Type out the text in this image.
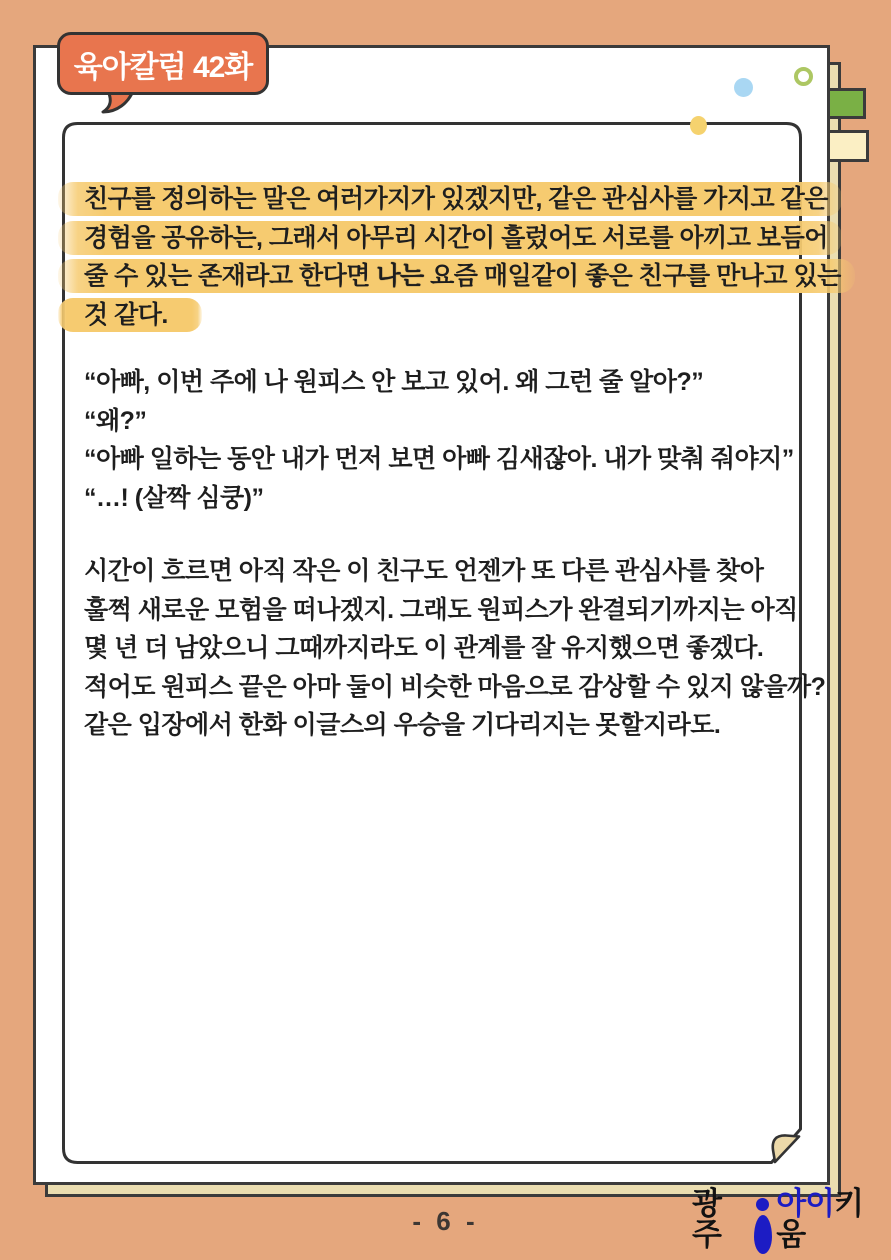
육아칼럼 42화
친구를 정의하는 말은 여러가지가 있겠지만, 같은 관심사를 가지고 같은
경험을 공유하는, 그래서 아무리 시간이 흘렀어도 서로를 아끼고 보듬어
줄 수 있는 존재라고 한다면 나는 요즘 매일같이 좋은 친구를 만나고 있는
것 같다.
“아빠, 이번 주에 나 원피스 안 보고 있어. 왜 그런 줄 알아?”
“왜?”
“아빠 일하는 동안 내가 먼저 보면 아빠 김새잖아. 내가 맞춰 줘야지”
“…! (살짝 심쿵)”
시간이 흐르면 아직 작은 이 친구도 언젠가 또 다른 관심사를 찾아
훌쩍 새로운 모험을 떠나겠지. 그래도 원피스가 완결되기까지는 아직
몇 년 더 남았으니 그때까지라도 이 관계를 잘 유지했으면 좋겠다.
적어도 원피스 끝은 아마 둘이 비슷한 마음으로 감상할 수 있지 않을까?
같은 입장에서 한화 이글스의 우승을 기다리지는 못할지라도.
- 6 -	광주
아이키움
